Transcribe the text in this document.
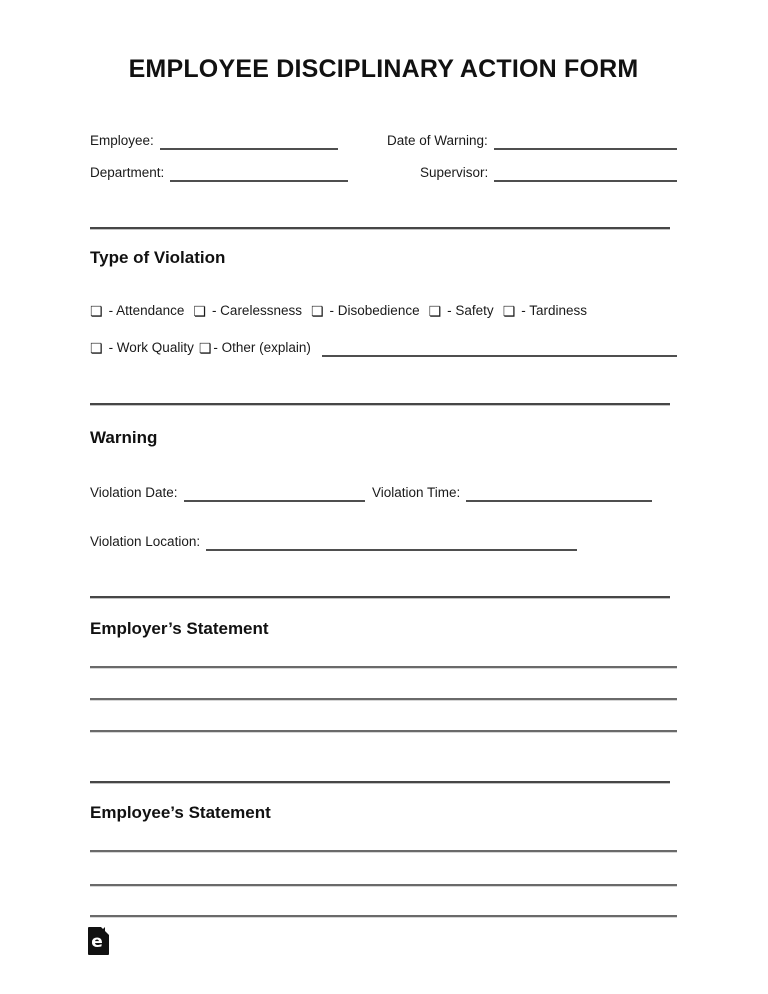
EMPLOYEE DISCIPLINARY ACTION FORM
Employee:	Date of Warning:
Department:	Supervisor:
Type of Violation
❏ - Attendance ❏ - Carelessness ❏ - Disobedience ❏ - Safety ❏ - Tardiness
❏ - Work Quality ❏ - Other (explain)
Warning
Violation Date:	Violation Time:
Violation Location:
Employer’s Statement
Employee’s Statement
e
